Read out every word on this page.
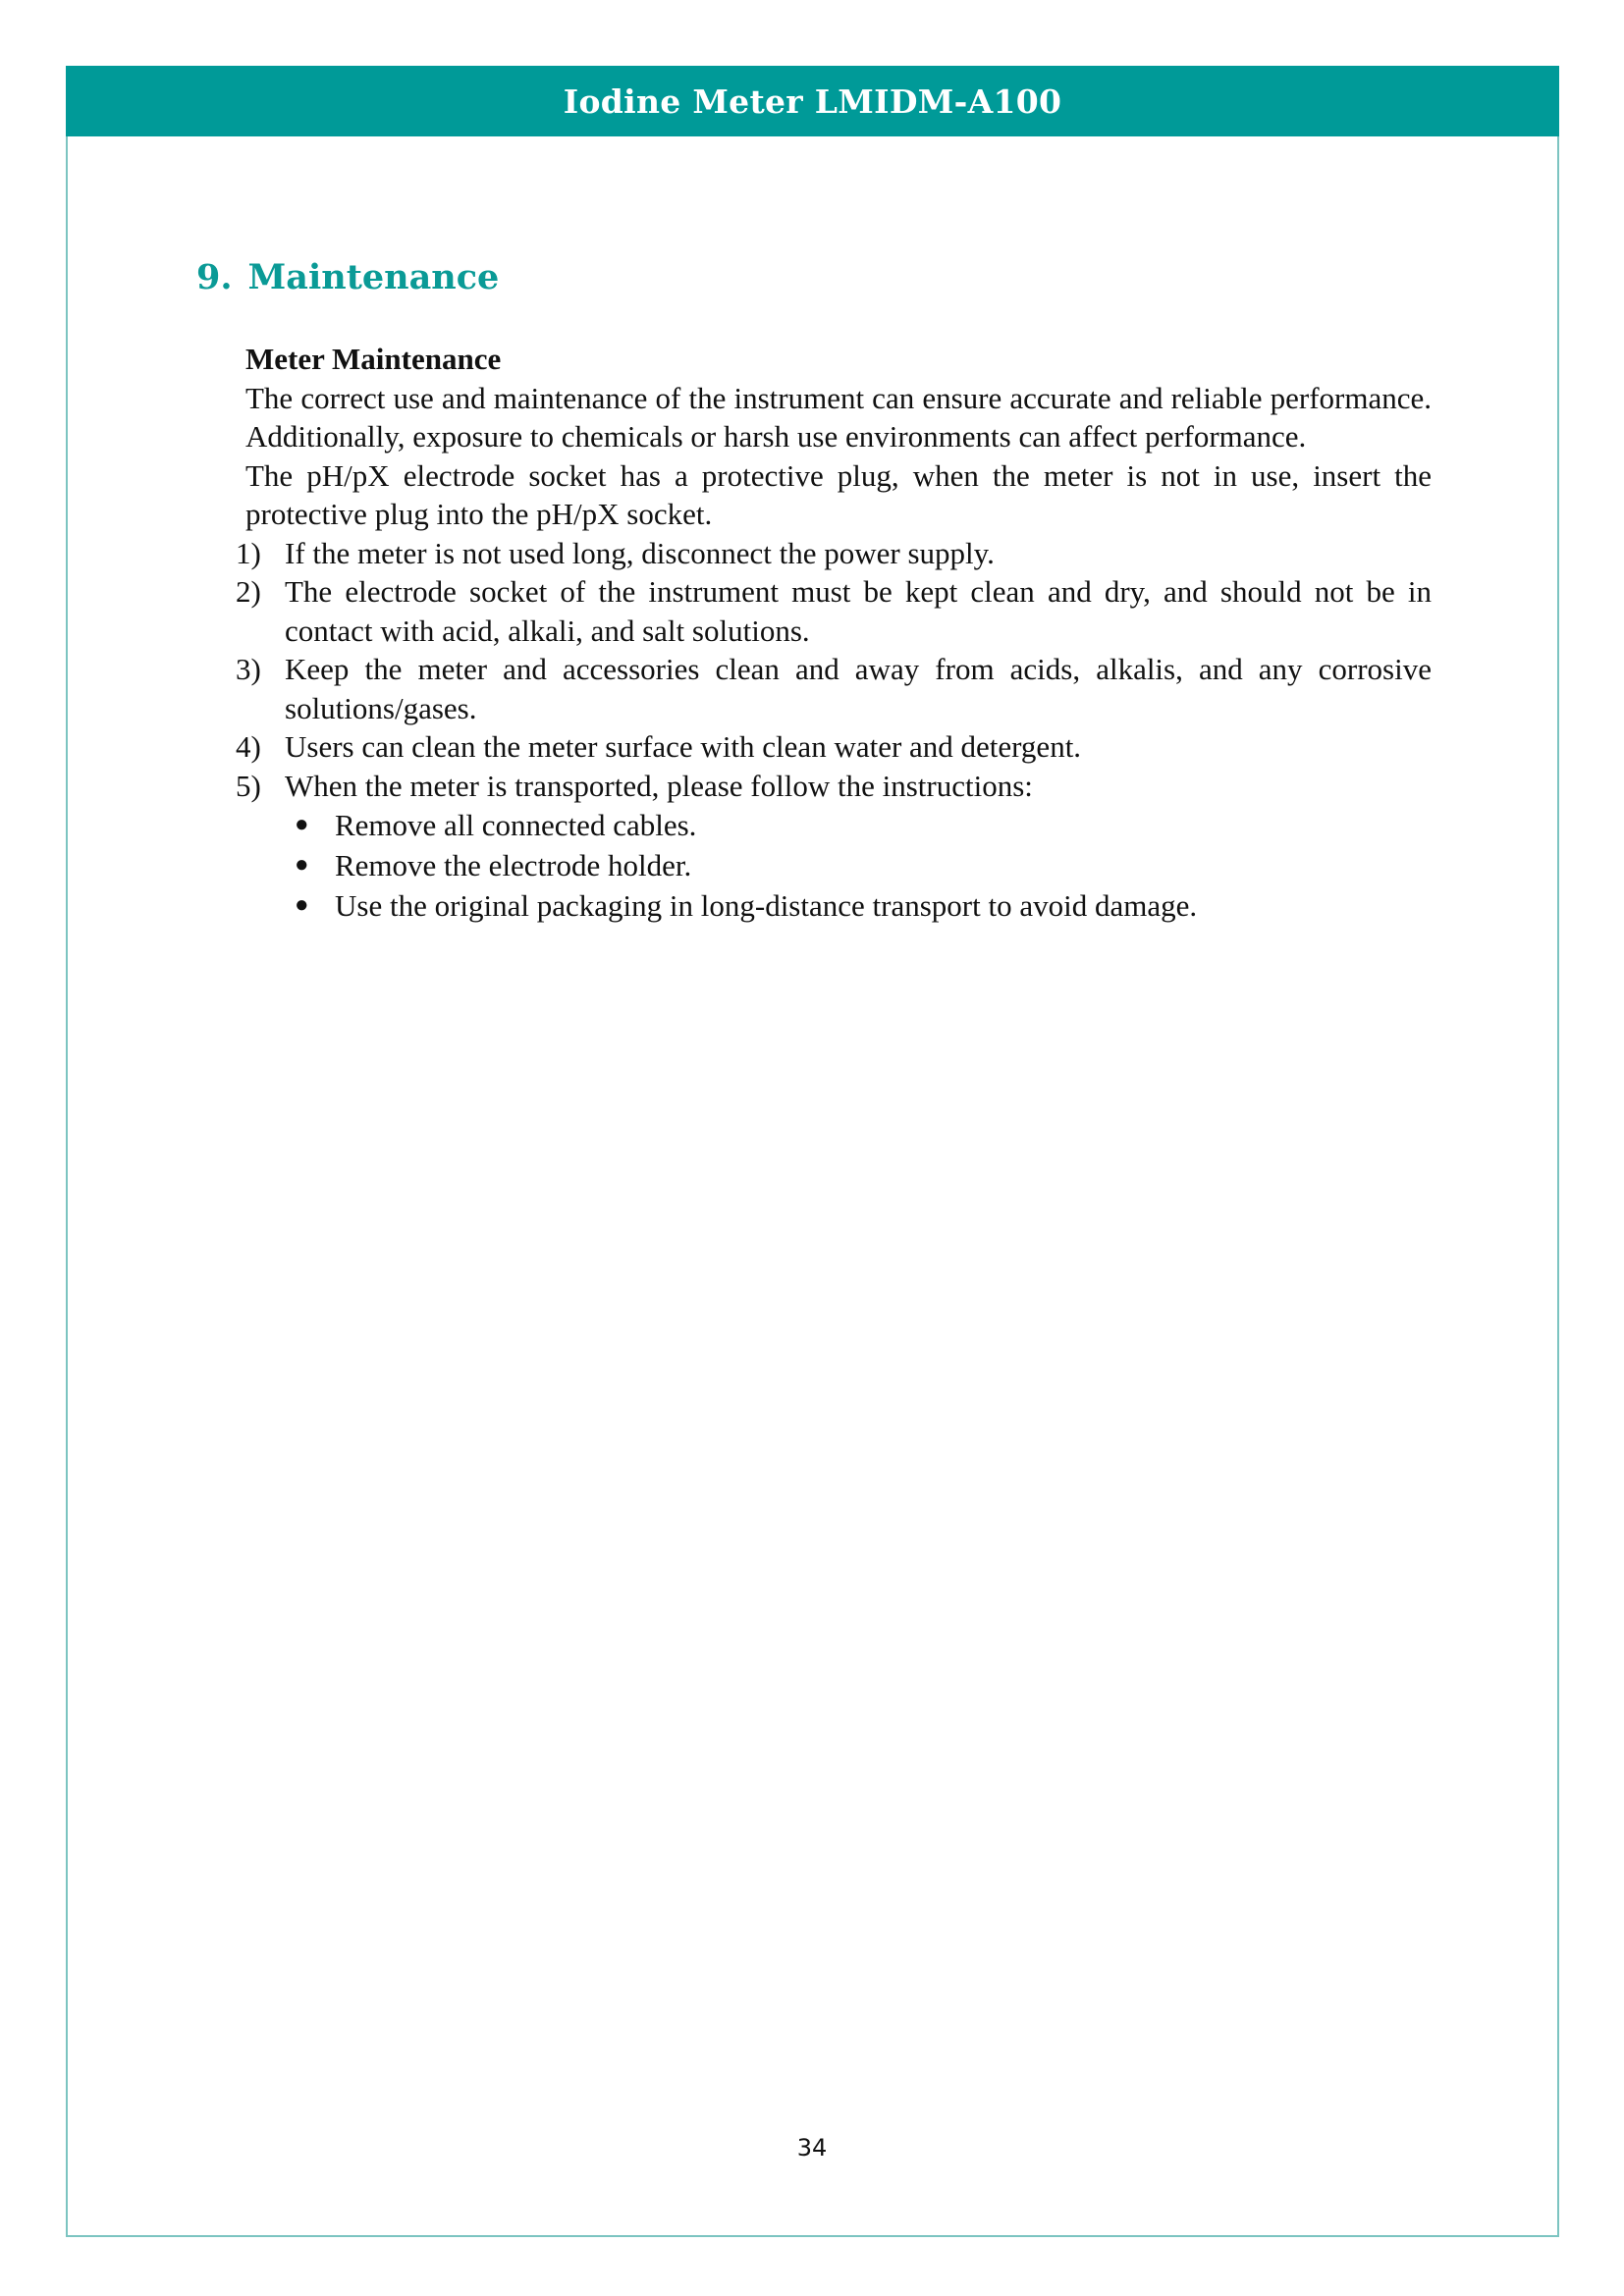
Iodine Meter LMIDM-A100
9. Maintenance

Meter Maintenance

The correct use and maintenance of the instrument can ensure accurate and reliable performance. Additionally, exposure to chemicals or harsh use environments can affect performance.

The pH/pX electrode socket has a protective plug, when the meter is not in use, insert the protective plug into the pH/pX socket.

1) If the meter is not used long, disconnect the power supply.
2) The electrode socket of the instrument must be kept clean and dry, and should not be in contact with acid, alkali, and salt solutions.
3) Keep the meter and accessories clean and away from acids, alkalis, and any corrosive solutions/gases.
4) Users can clean the meter surface with clean water and detergent.
5) When the meter is transported, please follow the instructions:
● Remove all connected cables.
● Remove the electrode holder.
● Use the original packaging in long-distance transport to avoid damage.
34
